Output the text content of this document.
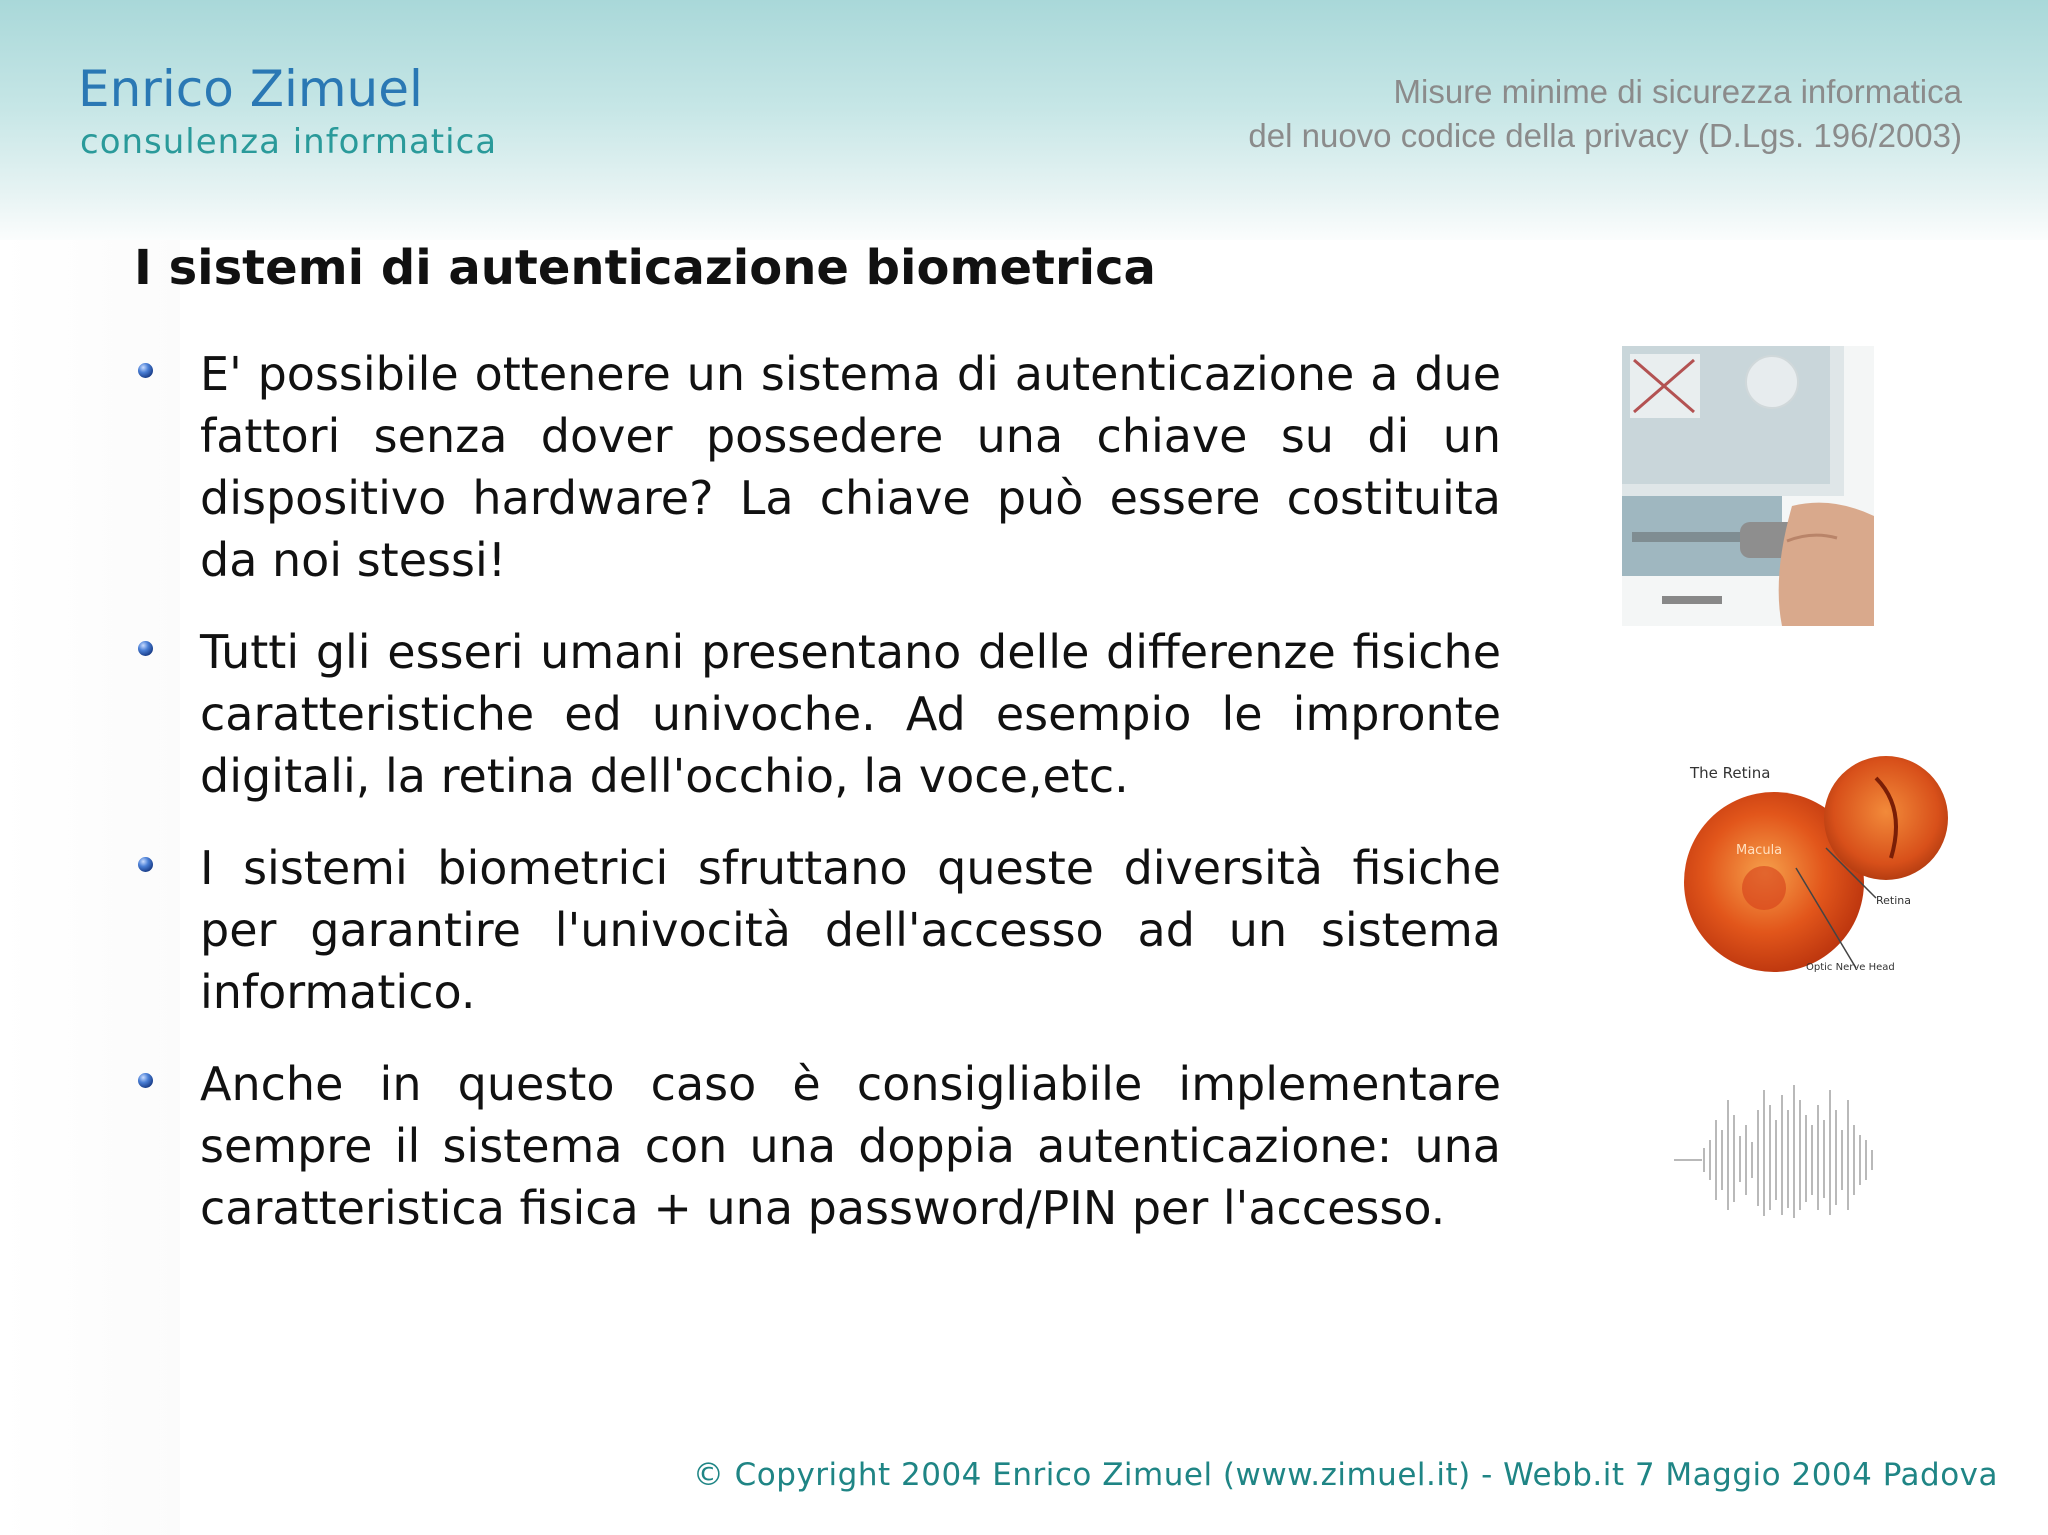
Enrico Zimuel
consulenza informatica
Misure minime di sicurezza informatica
del nuovo codice della privacy (D.Lgs. 196/2003)
I sistemi di autenticazione biometrica

E' possibile ottenere un sistema di autenticazione a due fattori senza dover possedere una chiave su di un dispositivo hardware? La chiave può essere costituita da noi stessi!

Tutti gli esseri umani presentano delle differenze fisiche caratteristiche ed univoche. Ad esempio le impronte digitali, la retina dell'occhio, la voce,etc.

I sistemi biometrici sfruttano queste diversità fisiche per garantire l'univocità dell'accesso ad un sistema informatico.

Anche in questo caso è consigliabile implementare sempre il sistema con una doppia autenticazione: una caratteristica fisica + una password/PIN per l'accesso.

The Retina
Macula
Retina
Optic Nerve Head
© Copyright 2004 Enrico Zimuel (www.zimuel.it) - Webb.it 7 Maggio 2004 Padova
